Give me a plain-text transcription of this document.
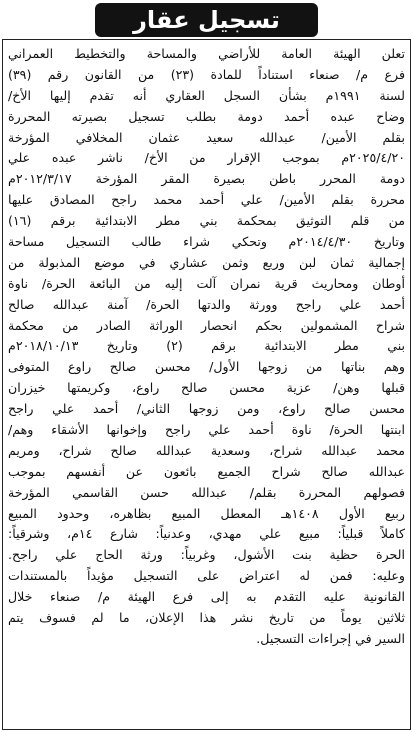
تسجيل عقار
تعلن الهيئة العامة للأراضي والمساحة والتخطيط العمراني
فرع م/ صنعاء استناداً للمادة (٢٣) من القانون رقم (٣٩)
لسنة ١٩٩١م بشأن السجل العقاري أنه تقدم إليها الأخ/
وضاح عبده أحمد دومة بطلب تسجيل بصيرته المحررة
بقلم الأمين/ عبدالله سعيد عثمان المخلافي المؤرخة
٢٠٢٥/٤/٢٠م بموجب الإقرار من الأخ/ ناشر عبده علي
دومة المحرر باطن بصيرة المقر المؤرخة ٢٠١٢/٣/١٧م
محررة بقلم الأمين/ علي أحمد محمد راجح المصادق عليها
من قلم التوثيق بمحكمة بني مطر الابتدائية برقم (١٦)
وتاريخ ٢٠١٤/٤/٣٠م وتحكي شراء طالب التسجيل مساحة
إجمالية ثمان لبن وربع وثمن عشاري في موضع المذبولة من
أوطان ومحاريث قرية نمران آلت إليه من البائعة الحرة/ ناوة
أحمد علي راجح وورثة والدتها الحرة/ آمنة عبدالله صالح
شراح المشمولين بحكم انحصار الوراثة الصادر من محكمة
بني مطر الابتدائية برقم (٢) وتاريخ ٢٠١٨/١٠/١٣م
وهم بناتها من زوجها الأول/ محسن صالح راوع المتوفى
قبلها وهن/ عزية محسن صالح راوع، وكريمتها خيزران
محسن صالح راوع، ومن زوجها الثاني/ أحمد علي راجح
ابنتها الحرة/ ناوة أحمد علي راجح وإخوانها الأشقاء وهم/
محمد عبدالله شراح، وسعدية عبدالله صالح شراح، ومريم
عبدالله صالح شراح الجميع بائعون عن أنفسهم بموجب
فصولهم المحررة بقلم/ عبدالله حسن القاسمي المؤرخة
ربيع الأول ١٤٠٨هـ المعطل المبيع بظاهره، وحدود المبيع
كاملاً قبلياً: مبيع علي مهدي، وعدنياً: شارع ١٤م، وشرقياً:
الحرة حظية بنت الأشول، وغربياً: ورثة الحاج علي راجح.
وعليه: فمن له اعتراض على التسجيل مؤيداً بالمستندات
القانونية عليه التقدم به إلى فرع الهيئة م/ صنعاء خلال
ثلاثين يوماً من تاريخ نشر هذا الإعلان، ما لم فسوف يتم
السير في إجراءات التسجيل.
